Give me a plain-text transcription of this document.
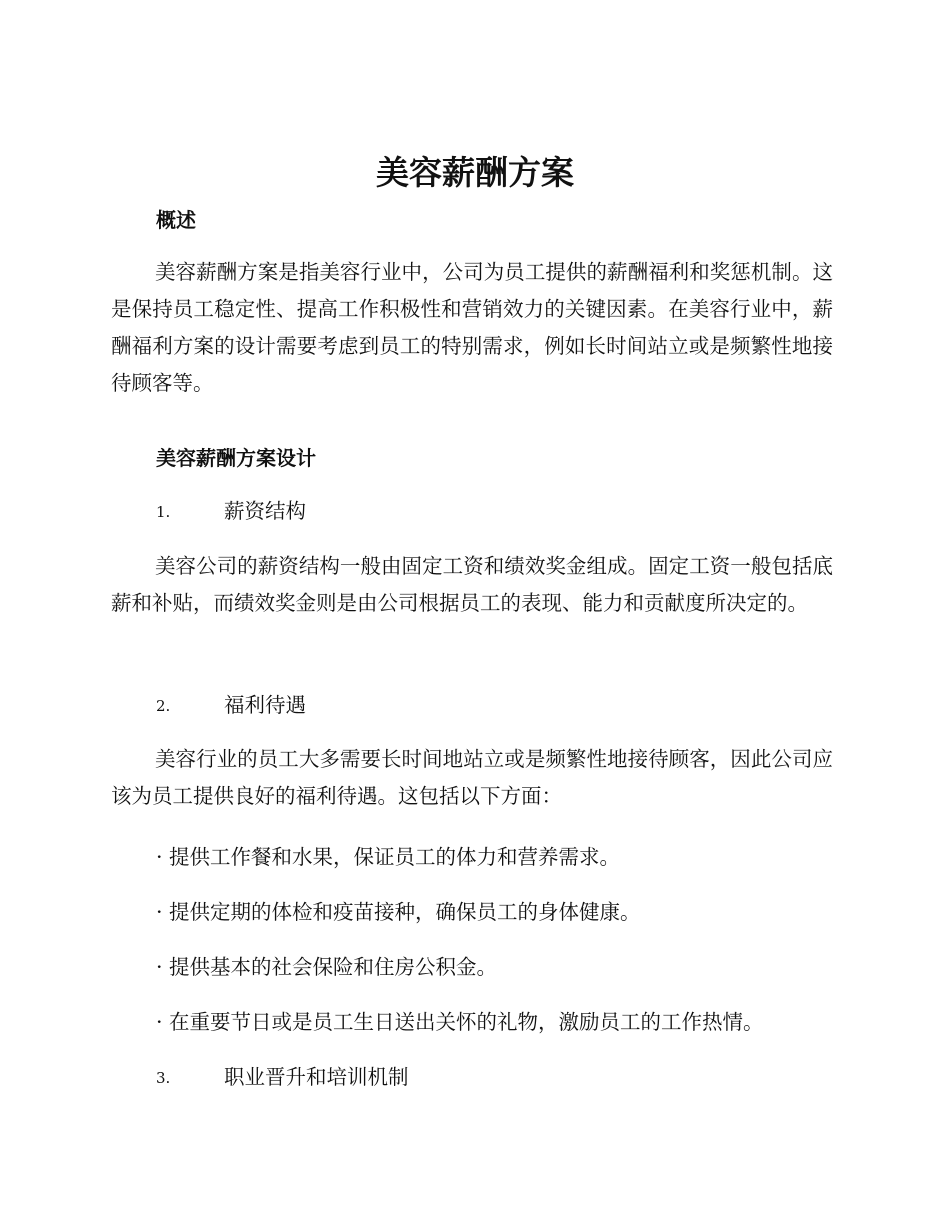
美容薪酬方案
概述

美容薪酬方案是指美容行业中，公司为员工提供的薪酬福利和奖惩机制。这是保持员工稳定性、提高工作积极性和营销效力的关键因素。在美容行业中，薪酬福利方案的设计需要考虑到员工的特别需求，例如长时间站立或是频繁性地接待顾客等。

美容薪酬方案设计
1.	薪资结构

美容公司的薪资结构一般由固定工资和绩效奖金组成。固定工资一般包括底薪和补贴，而绩效奖金则是由公司根据员工的表现、能力和贡献度所决定的。

2.	福利待遇

美容行业的员工大多需要长时间地站立或是频繁性地接待顾客，因此公司应该为员工提供良好的福利待遇。这包括以下方面：

· 提供工作餐和水果，保证员工的体力和营养需求。
· 提供定期的体检和疫苗接种，确保员工的身体健康。
· 提供基本的社会保险和住房公积金。
· 在重要节日或是员工生日送出关怀的礼物，激励员工的工作热情。
3.	职业晋升和培训机制
